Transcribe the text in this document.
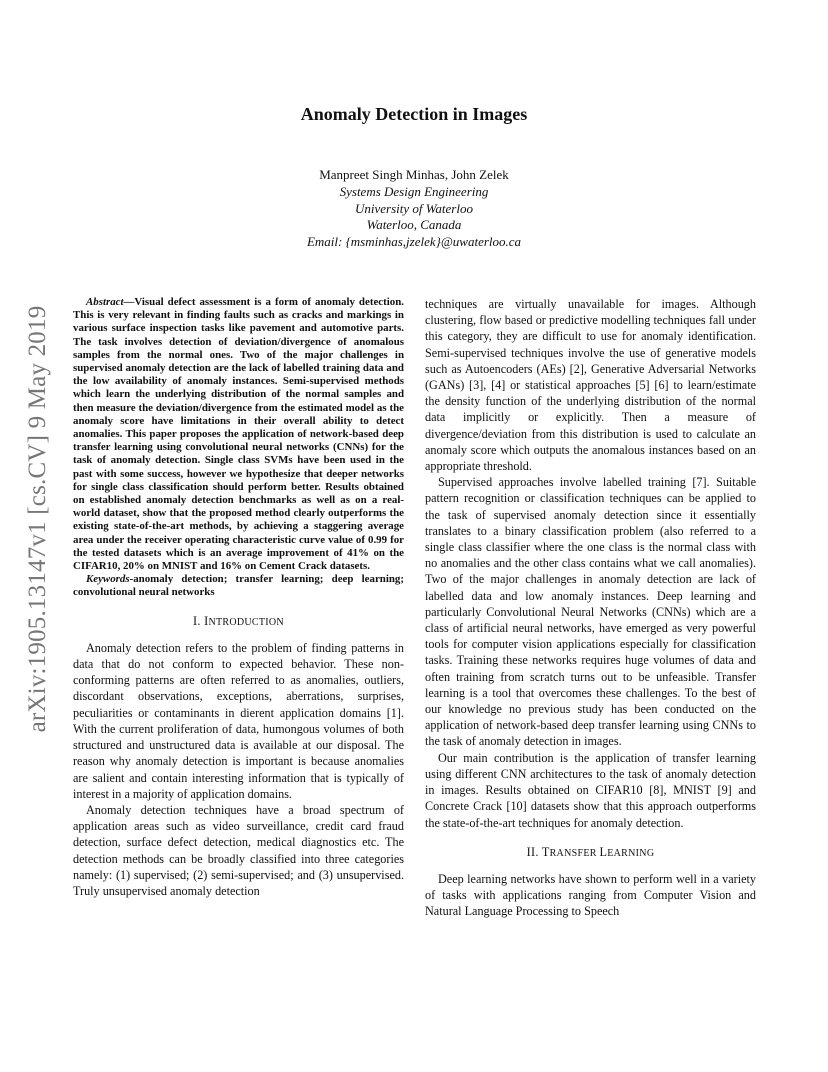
arXiv:1905.13147v1 [cs.CV] 9 May 2019
Anomaly Detection in Images
Manpreet Singh Minhas, John Zelek
Systems Design Engineering
University of Waterloo
Waterloo, Canada
Email: {msminhas,jzelek}@uwaterloo.ca

Abstract—Visual defect assessment is a form of anomaly detection. This is very relevant in finding faults such as cracks and markings in various surface inspection tasks like pavement and automotive parts. The task involves detection of deviation/divergence of anomalous samples from the normal ones. Two of the major challenges in supervised anomaly detection are the lack of labelled training data and the low availability of anomaly instances. Semi-supervised methods which learn the underlying distribution of the normal samples and then measure the deviation/divergence from the estimated model as the anomaly score have limitations in their overall ability to detect anomalies. This paper proposes the application of network-based deep transfer learning using convolutional neural networks (CNNs) for the task of anomaly detection. Single class SVMs have been used in the past with some success, however we hypothesize that deeper networks for single class classification should perform better. Results obtained on established anomaly detection benchmarks as well as on a real-world dataset, show that the proposed method clearly outperforms the existing state-of-the-art methods, by achieving a staggering average area under the receiver operating characteristic curve value of 0.99 for the tested datasets which is an average improvement of 41% on the CIFAR10, 20% on MNIST and 16% on Cement Crack datasets.

Keywords-anomaly detection; transfer learning; deep learning; convolutional neural networks

I. INTRODUCTION

Anomaly detection refers to the problem of finding patterns in data that do not conform to expected behavior. These non-conforming patterns are often referred to as anomalies, outliers, discordant observations, exceptions, aberrations, surprises, peculiarities or contaminants in dierent application domains [1]. With the current proliferation of data, humongous volumes of both structured and unstructured data is available at our disposal. The reason why anomaly detection is important is because anomalies are salient and contain interesting information that is typically of interest in a majority of application domains.

Anomaly detection techniques have a broad spectrum of application areas such as video surveillance, credit card fraud detection, surface defect detection, medical diagnostics etc. The detection methods can be broadly classified into three categories namely: (1) supervised; (2) semi-supervised; and (3) unsupervised. Truly unsupervised anomaly detection

techniques are virtually unavailable for images. Although clustering, flow based or predictive modelling techniques fall under this category, they are difficult to use for anomaly identification. Semi-supervised techniques involve the use of generative models such as Autoencoders (AEs) [2], Generative Adversarial Networks (GANs) [3], [4] or statistical approaches [5] [6] to learn/estimate the density function of the underlying distribution of the normal data implicitly or explicitly. Then a measure of divergence/deviation from this distribution is used to calculate an anomaly score which outputs the anomalous instances based on an appropriate threshold.

Supervised approaches involve labelled training [7]. Suitable pattern recognition or classification techniques can be applied to the task of supervised anomaly detection since it essentially translates to a binary classification problem (also referred to a single class classifier where the one class is the normal class with no anomalies and the other class contains what we call anomalies). Two of the major challenges in anomaly detection are lack of labelled data and low anomaly instances. Deep learning and particularly Convolutional Neural Networks (CNNs) which are a class of artificial neural networks, have emerged as very powerful tools for computer vision applications especially for classification tasks. Training these networks requires huge volumes of data and often training from scratch turns out to be unfeasible. Transfer learning is a tool that overcomes these challenges. To the best of our knowledge no previous study has been conducted on the application of network-based deep transfer learning using CNNs to the task of anomaly detection in images.

Our main contribution is the application of transfer learning using different CNN architectures to the task of anomaly detection in images. Results obtained on CIFAR10 [8], MNIST [9] and Concrete Crack [10] datasets show that this approach outperforms the state-of-the-art techniques for anomaly detection.

II. TRANSFER LEARNING

Deep learning networks have shown to perform well in a variety of tasks with applications ranging from Computer Vision and Natural Language Processing to Speech
